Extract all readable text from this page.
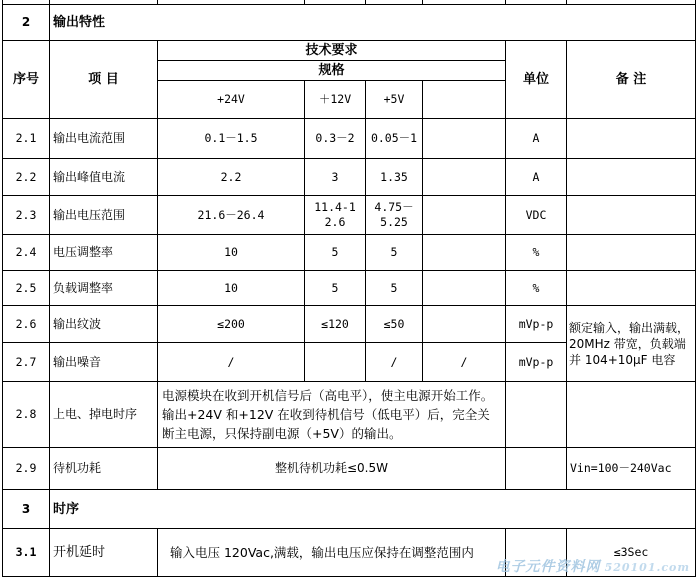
2	输出特性						
序号	项 目	技术要求				单位	备 注
		规格					
		+24V	＋12V	+5V			
2.1	输出电流范围	0.1－1.5	0.3－2	0.05－1		A	
2.2	输出峰值电流	2.2	3	1.35		A	
2.3	输出电压范围	21.6－26.4	11.4-12.6	4.75－5.25		VDC	
2.4	电压调整率	10	5	5		%	
2.5	负载调整率	10	5	5		%	
2.6	输出纹波	≤200	≤120	≤50		mVp-p	额定输入，输出满载，20MHz 带宽，负载端并 104+10μF 电容
2.7	输出噪音	/		/	/	mVp-p	
2.8	上电、掉电时序	电源模块在收到开机信号后（高电平），使主电源开始工作。输出+24V 和+12V 在收到待机信号（低电平）后，完全关断主电源，只保持副电源（+5V）的输出。					
2.9	待机功耗	整机待机功耗≤0.5W					Vin=100－240Vac
3	时序						
3.1	开机延时	输入电压 120Vac,满载，输出电压应保持在调整范围内					≤3Sec
电子元件资料网 520101.com
